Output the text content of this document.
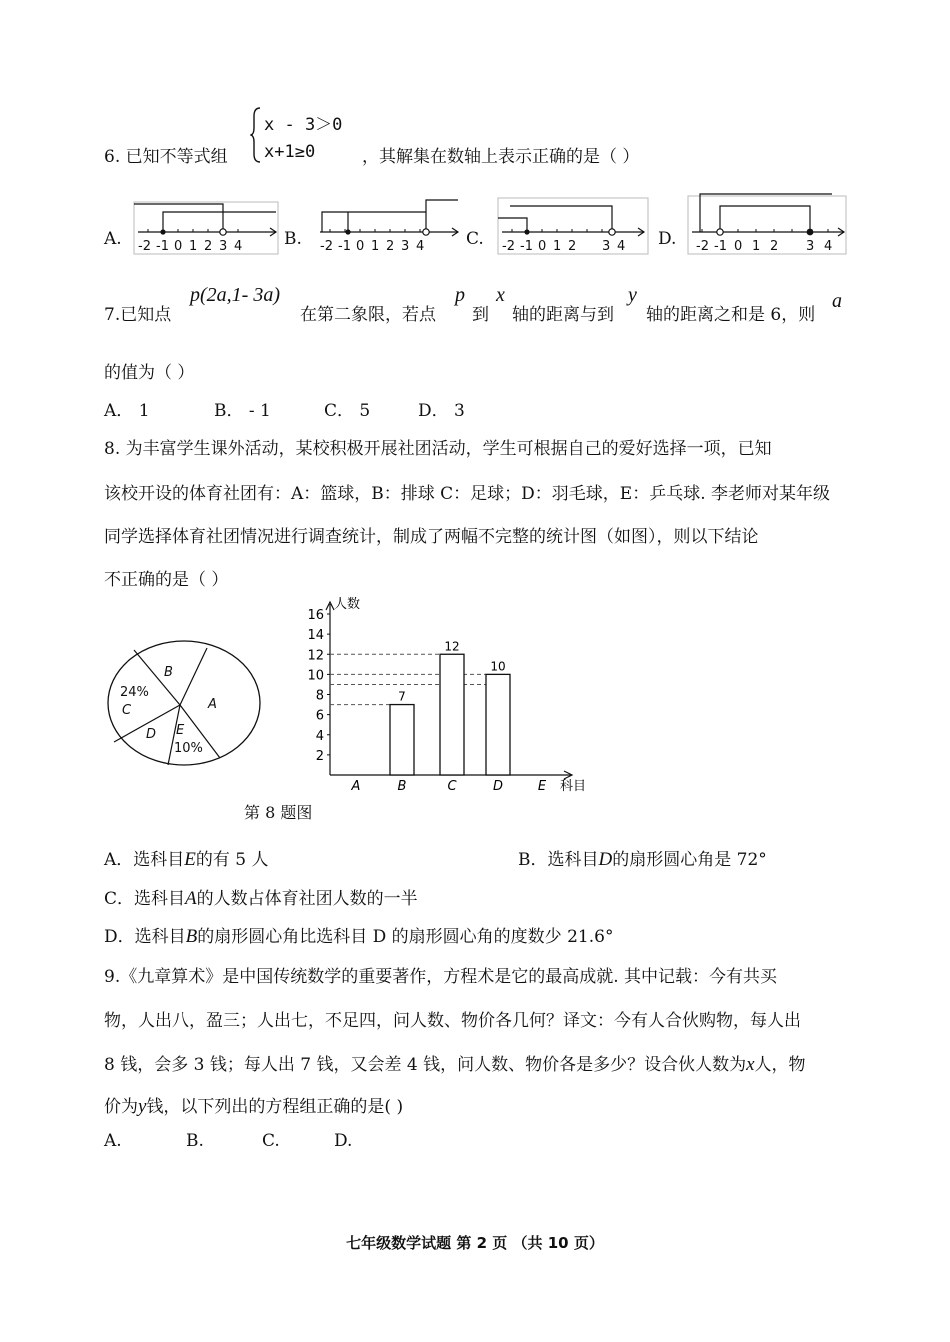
6. 已知不等式组
x - 3＞0
x+1≥0	，其解集在数轴上表示正确的是（ ）
A.	B.	C.	D.
-2 -1 0 1 2 3 4	-2 -1 0 1 2 3 4	-2 -1 0 1 2 3 4	-2 -1 0 1 2 3 4
7.已知点
p(2a,1- 3a)
在第二象限，若点
p
到
x
轴的距离与到
y
轴的距离之和是 6，则
a
的值为（ ）
A． 1	B． - 1	C． 5	D． 3
8. 为丰富学生课外活动，某校积极开展社团活动，学生可根据自己的爱好选择一项，已知
该校开设的体育社团有：A：篮球，B：排球 C：足球；D：羽毛球，E：乒乓球. 李老师对某年级
同学选择体育社团情况进行调查统计，制成了两幅不完整的统计图（如图），则以下结论
不正确的是（ ）
B
A
24%
C
D E
10%
人数
科目
2
4
6
8
10
12
14
16
7
12
10
A	B	C	D	E
第 8 题图
A．选科目E的有 5 人	B．选科目D的扇形圆心角是 72°
C．选科目A的人数占体育社团人数的一半
D．选科目B的扇形圆心角比选科目 D 的扇形圆心角的度数少 21.6°
9.《九章算术》是中国传统数学的重要著作，方程术是它的最高成就. 其中记载：今有共买
物，人出八，盈三；人出七，不足四，问人数、物价各几何？译文：今有人合伙购物，每人出
8 钱，会多 3 钱；每人出 7 钱，又会差 4 钱，问人数、物价各是多少？设合伙人数为x人，物
价为y钱，以下列出的方程组正确的是( )
A.	B.	C.	D.
七年级数学试题 第 2 页 （共 10 页）
